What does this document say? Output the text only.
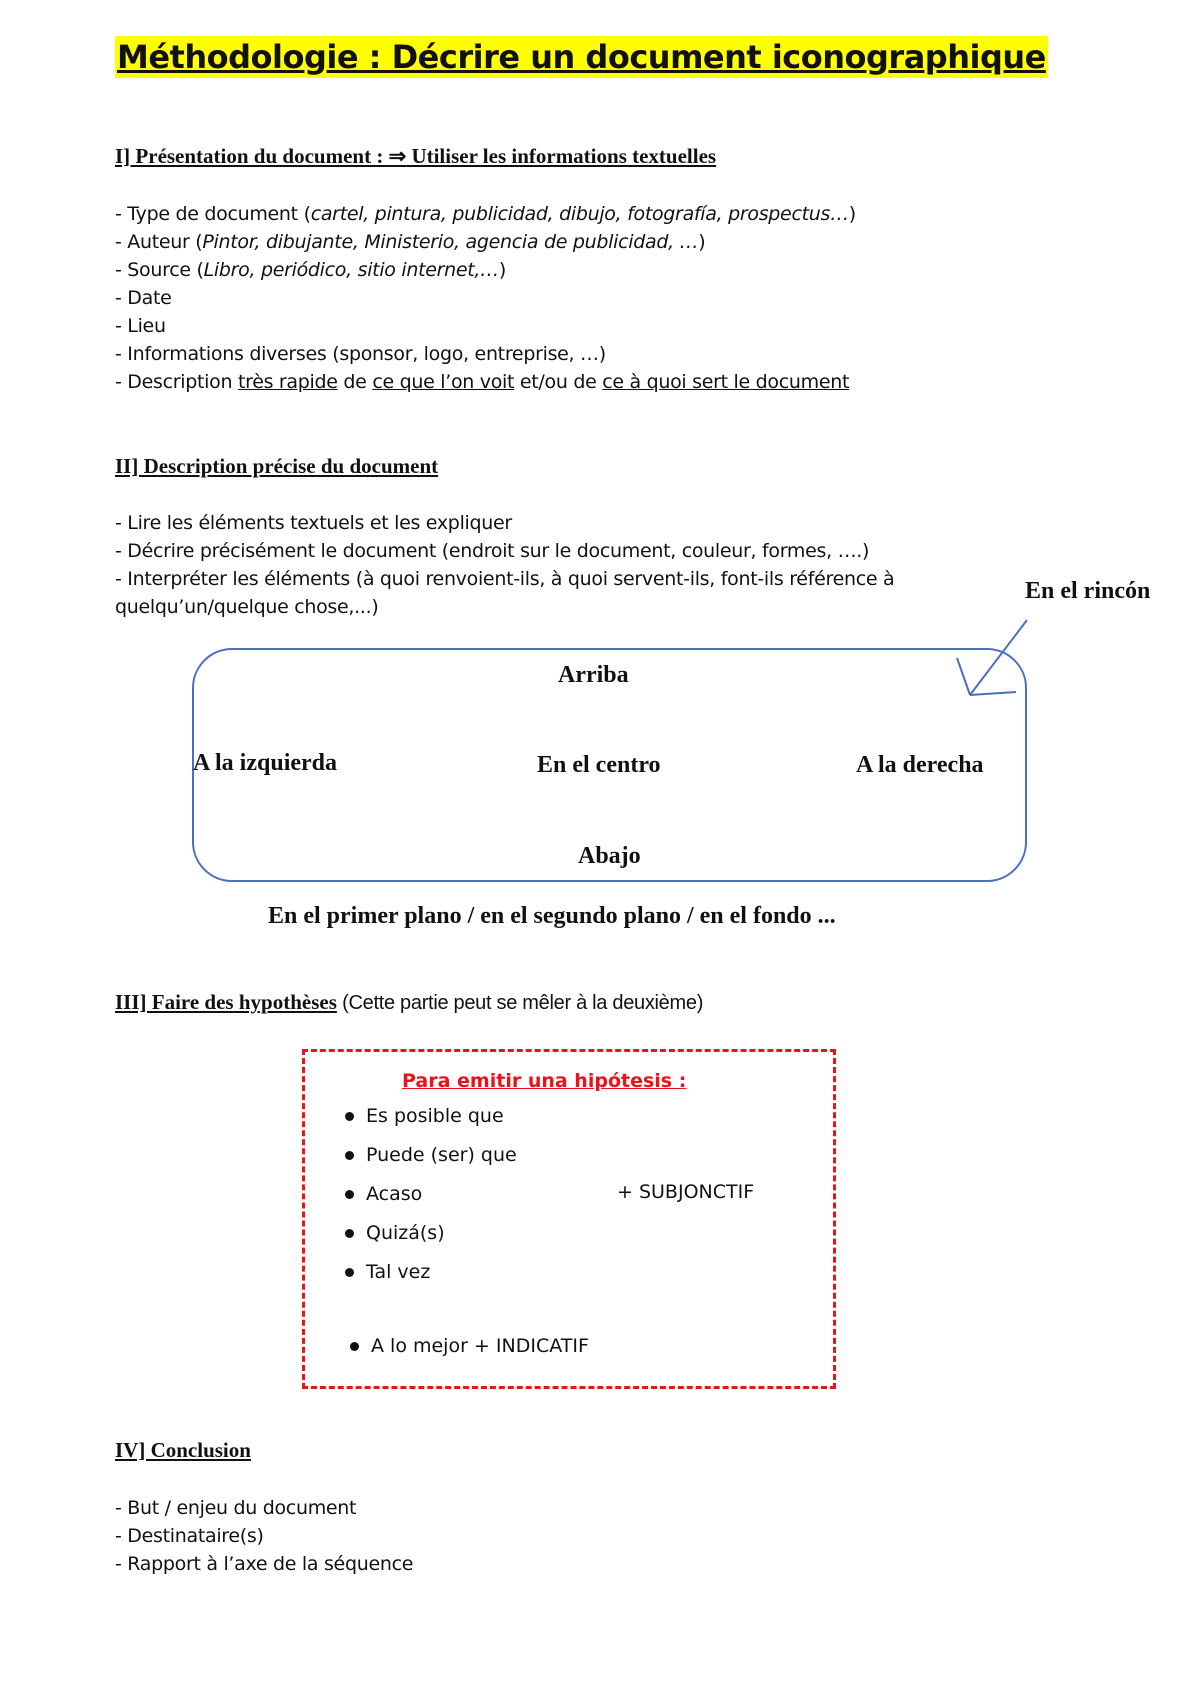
Méthodologie : Décrire un document iconographique
I] Présentation du document : ⇒ Utiliser les informations textuelles
- Type de document (cartel, pintura, publicidad, dibujo, fotografía, prospectus…)
- Auteur (Pintor, dibujante, Ministerio, agencia de publicidad, …)
- Source (Libro, periódico, sitio internet,…)
- Date
- Lieu
- Informations diverses (sponsor, logo, entreprise, …)
- Description très rapide de ce que l’on voit et/ou de ce à quoi sert le document
II] Description précise du document
- Lire les éléments textuels et les expliquer
- Décrire précisément le document (endroit sur le document, couleur, formes, ….)
- Interpréter les éléments (à quoi renvoient-ils, à quoi servent-ils, font-ils référence à
quelqu’un/quelque chose,...)
En el rincón
Arriba
A la izquierda	En el centro	A la derecha
Abajo
En el primer plano / en el segundo plano / en el fondo ...
III] Faire des hypothèses (Cette partie peut se mêler à la deuxième)
Para emitir una hipótesis :
Es posible que
Puede (ser) que
Acaso
Quizá(s)
Tal vez
+ SUBJONCTIF
A lo mejor + INDICATIF
IV] Conclusion
- But / enjeu du document
- Destinataire(s)
- Rapport à l’axe de la séquence
